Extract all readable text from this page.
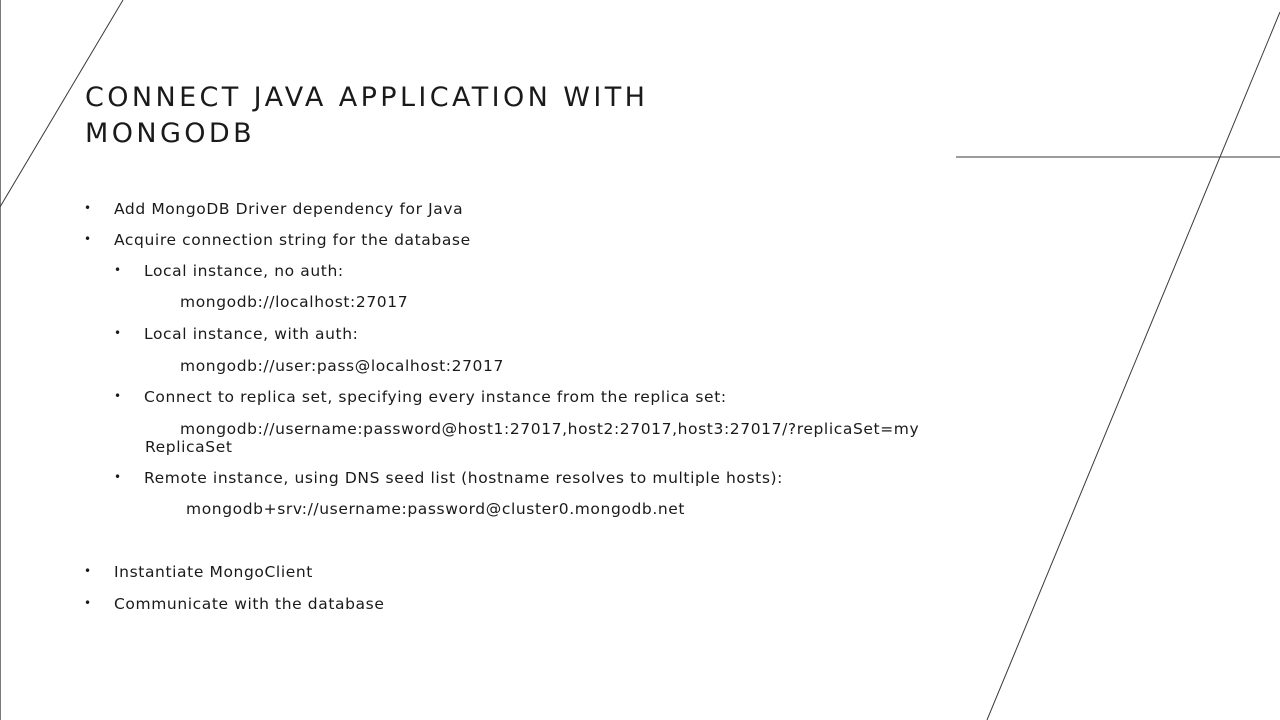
CONNECT JAVA APPLICATION WITH MONGODB
• Add MongoDB Driver dependency for Java
• Acquire connection string for the database
• Local instance, no auth:
mongodb://localhost:27017
• Local instance, with auth:
mongodb://user:pass@localhost:27017
• Connect to replica set, specifying every instance from the replica set:
mongodb://username:password@host1:27017,host2:27017,host3:27017/?replicaSet=my
ReplicaSet
• Remote instance, using DNS seed list (hostname resolves to multiple hosts):
mongodb+srv://username:password@cluster0.mongodb.net
• Instantiate MongoClient
• Communicate with the database
